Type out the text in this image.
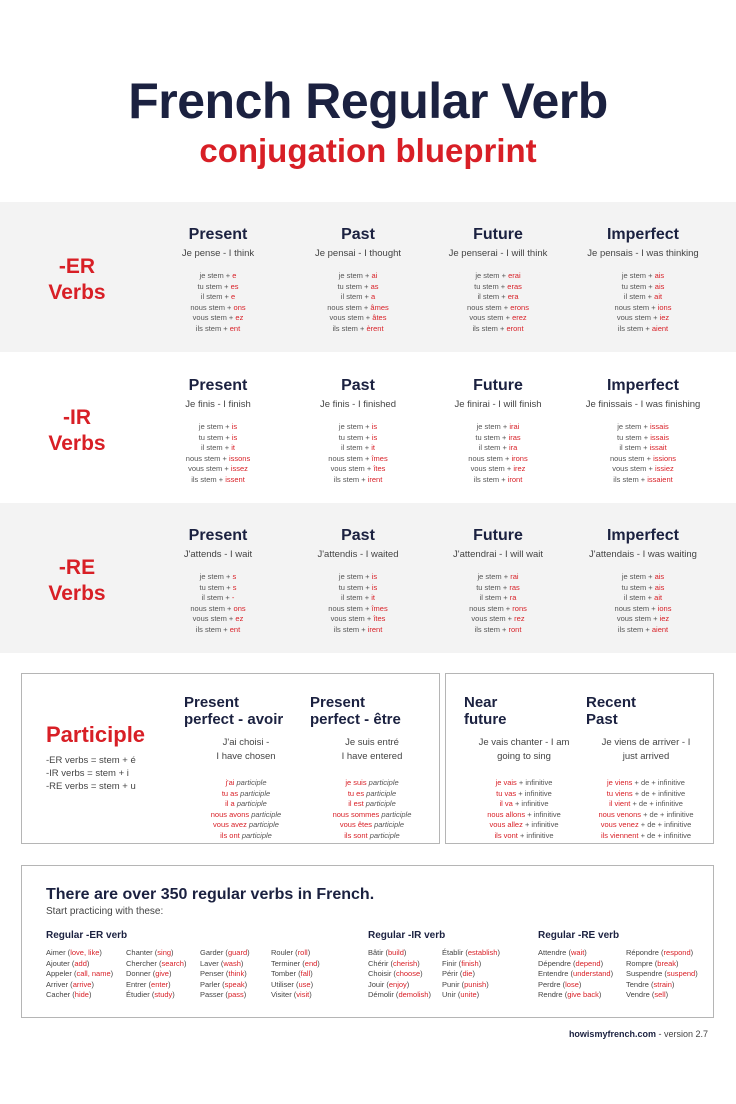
French Regular Verb
conjugation blueprint
-ER
Verbs
Present
Je pense - I think
je stem + e
tu stem + es
il stem + e
nous stem + ons
vous stem + ez
ils stem + ent
Past
Je pensai - I thought
je stem + ai
tu stem + as
il stem + a
nous stem + âmes
vous stem + âtes
ils stem + èrent
Future
Je penserai - I will think
je stem + erai
tu stem + eras
il stem + era
nous stem + erons
vous stem + erez
ils stem + eront
Imperfect
Je pensais - I was thinking
je stem + ais
tu stem + ais
il stem + ait
nous stem + ions
vous stem + iez
ils stem + aient
-IR
Verbs
Present
Je finis - I finish
je stem + is
tu stem + is
il stem + it
nous stem + issons
vous stem + issez
ils stem + issent
Past
Je finis - I finished
je stem + is
tu stem + is
il stem + it
nous stem + îmes
vous stem + îtes
ils stem + irent
Future
Je finirai - I will finish
je stem + irai
tu stem + iras
il stem + ira
nous stem + irons
vous stem + irez
ils stem + iront
Imperfect
Je finissais - I was finishing
je stem + issais
tu stem + issais
il stem + issait
nous stem + issions
vous stem + issiez
ils stem + issaient
-RE
Verbs
Present
J'attends - I wait
je stem + s
tu stem + s
il stem + -
nous stem + ons
vous stem + ez
ils stem + ent
Past
J'attendis - I waited
je stem + is
tu stem + is
il stem + it
nous stem + îmes
vous stem + îtes
ils stem + irent
Future
J'attendrai - I will wait
je stem + rai
tu stem + ras
il stem + ra
nous stem + rons
vous stem + rez
ils stem + ront
Imperfect
J'attendais - I was waiting
je stem + ais
tu stem + ais
il stem + ait
nous stem + ions
vous stem + iez
ils stem + aient
Participle
-ER verbs = stem + é
-IR verbs = stem + i
-RE verbs = stem + u
Present
perfect - avoir
J'ai choisi -
I have chosen
j'ai participle
tu as participle
il a participle
nous avons participle
vous avez participle
ils ont participle
Present
perfect - être
Je suis entré
I have entered
je suis participle
tu es participle
il est participle
nous sommes participle
vous êtes participle
ils sont participle
Near
future
Je vais chanter - I am
going to sing
je vais + infinitive
tu vas + infinitive
il va + infinitive
nous allons + infinitive
vous allez + infinitive
ils vont + infinitive
Recent
Past
Je viens de arriver - I
just arrived
je viens + de + infinitive
tu viens + de + infinitive
il vient + de + infinitive
nous venons + de + infinitive
vous venez + de + infinitive
ils viennent + de + infinitive
There are over 350 regular verbs in French.
Start practicing with these:
Regular -ER verb
Aimer (love, like)
Ajouter (add)
Appeler (call, name)
Arriver (arrive)
Cacher (hide)
Chanter (sing)
Chercher (search)
Donner (give)
Entrer (enter)
Étudier (study)
Garder (guard)
Laver (wash)
Penser (think)
Parler (speak)
Passer (pass)
Rouler (roll)
Terminer (end)
Tomber (fall)
Utiliser (use)
Visiter (visit)
Regular -IR verb
Bâtir (build)
Chérir (cherish)
Choisir (choose)
Jouir (enjoy)
Démolir (demolish)
Établir (establish)
Finir (finish)
Périr (die)
Punir (punish)
Unir (unite)
Regular -RE verb
Attendre (wait)
Dépendre (depend)
Entendre (understand)
Perdre (lose)
Rendre (give back)
Répondre (respond)
Rompre (break)
Suspendre (suspend)
Tendre (strain)
Vendre (sell)
howismyfrench.com - version 2.7
